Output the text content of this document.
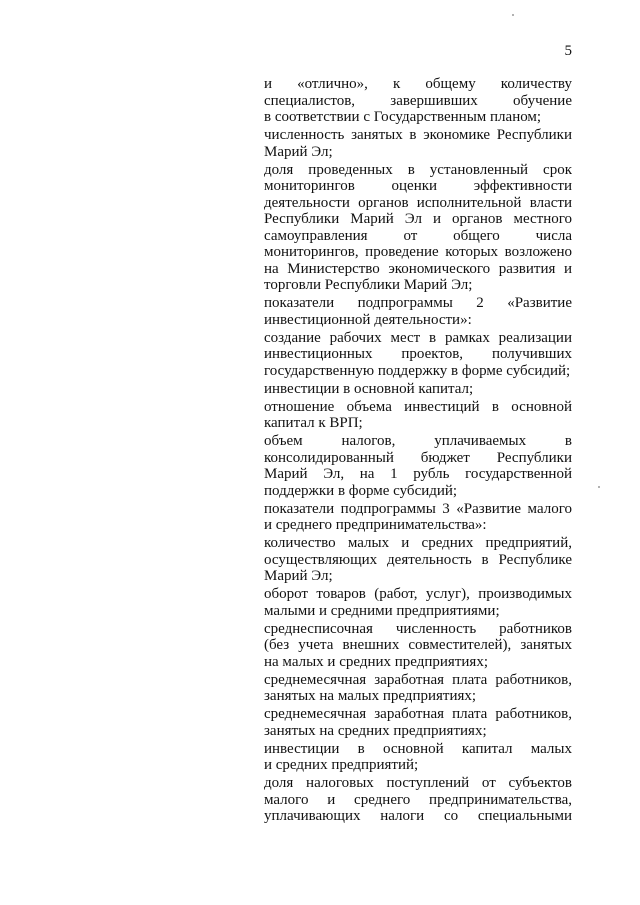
5
и «отлично», к общему количеству
специалистов, завершивших обучение
в соответствии с Государственным планом;
численность занятых в экономике Республики
Марий Эл;
доля проведенных в установленный срок
мониторингов оценки эффективности
деятельности органов исполнительной власти
Республики Марий Эл и органов местного
самоуправления от общего числа
мониторингов, проведение которых возложено
на Министерство экономического развития и
торговли Республики Марий Эл;
показатели подпрограммы 2 «Развитие
инвестиционной деятельности»:
создание рабочих мест в рамках реализации
инвестиционных проектов, получивших
государственную поддержку в форме субсидий;
инвестиции в основной капитал;
отношение объема инвестиций в основной
капитал к ВРП;
объем налогов, уплачиваемых в
консолидированный бюджет Республики
Марий Эл, на 1 рубль государственной
поддержки в форме субсидий;
показатели подпрограммы 3 «Развитие малого
и среднего предпринимательства»:
количество малых и средних предприятий,
осуществляющих деятельность в Республике
Марий Эл;
оборот товаров (работ, услуг), производимых
малыми и средними предприятиями;
среднесписочная численность работников
(без учета внешних совместителей), занятых
на малых и средних предприятиях;
среднемесячная заработная плата работников,
занятых на малых предприятиях;
среднемесячная заработная плата работников,
занятых на средних предприятиях;
инвестиции в основной капитал малых
и средних предприятий;
доля налоговых поступлений от субъектов
малого и среднего предпринимательства,
уплачивающих налоги со специальными
